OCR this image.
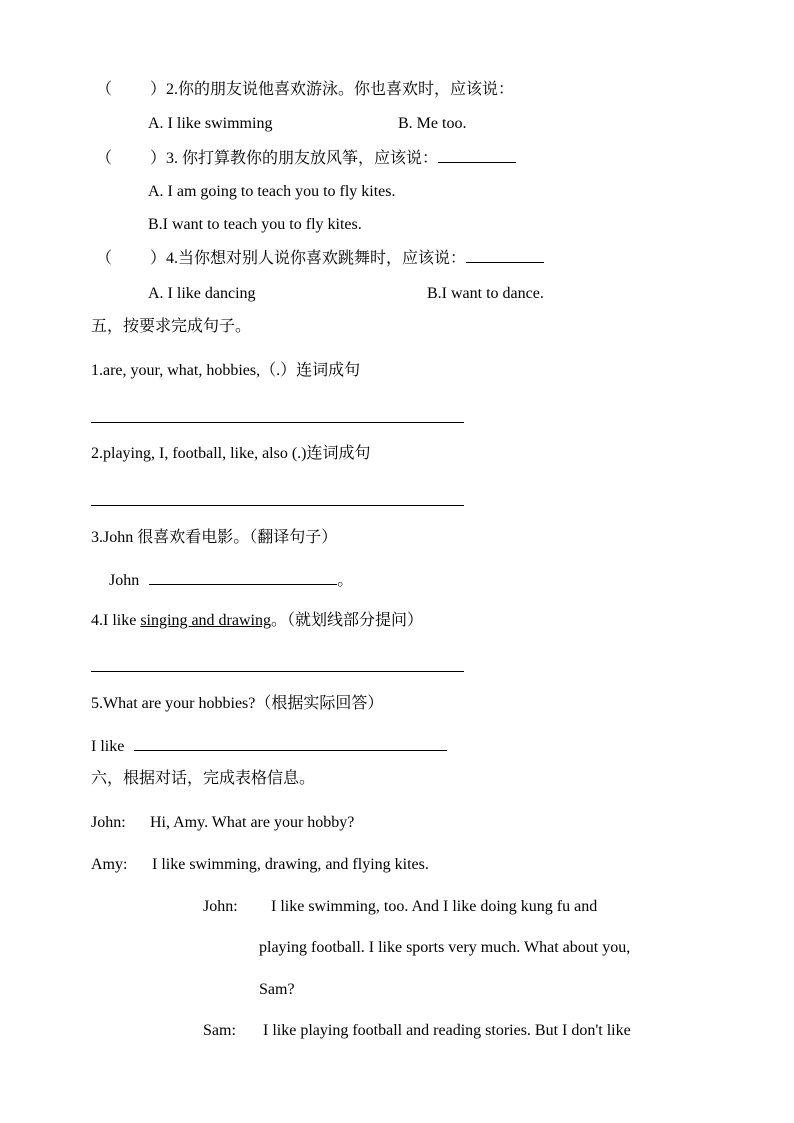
（ ）2.你的朋友说他喜欢游泳。你也喜欢时，应该说：
A. I like swimming	B. Me too.
（ ）3. 你打算教你的朋友放风筝，应该说：
A. I am going to teach you to fly kites.
B.I want to teach you to fly kites.
（ ）4.当你想对别人说你喜欢跳舞时，应该说：
A. I like dancing	B.I want to dance.
五，按要求完成句子。
1.are, your, what, hobbies,（.）连词成句
2.playing, I, football, like, also (.)连词成句
3.John 很喜欢看电影。（翻译句子）
John	。
4.I like singing and drawing。（就划线部分提问）
5.What are your hobbies?（根据实际回答）
I like
六，根据对话，完成表格信息。
John: Hi, Amy. What are your hobby?
Amy: I like swimming, drawing, and flying kites.
John: I like swimming, too. And I like doing kung fu and
playing football. I like sports very much. What about you,
Sam?
Sam: I like playing football and reading stories. But I don't like
